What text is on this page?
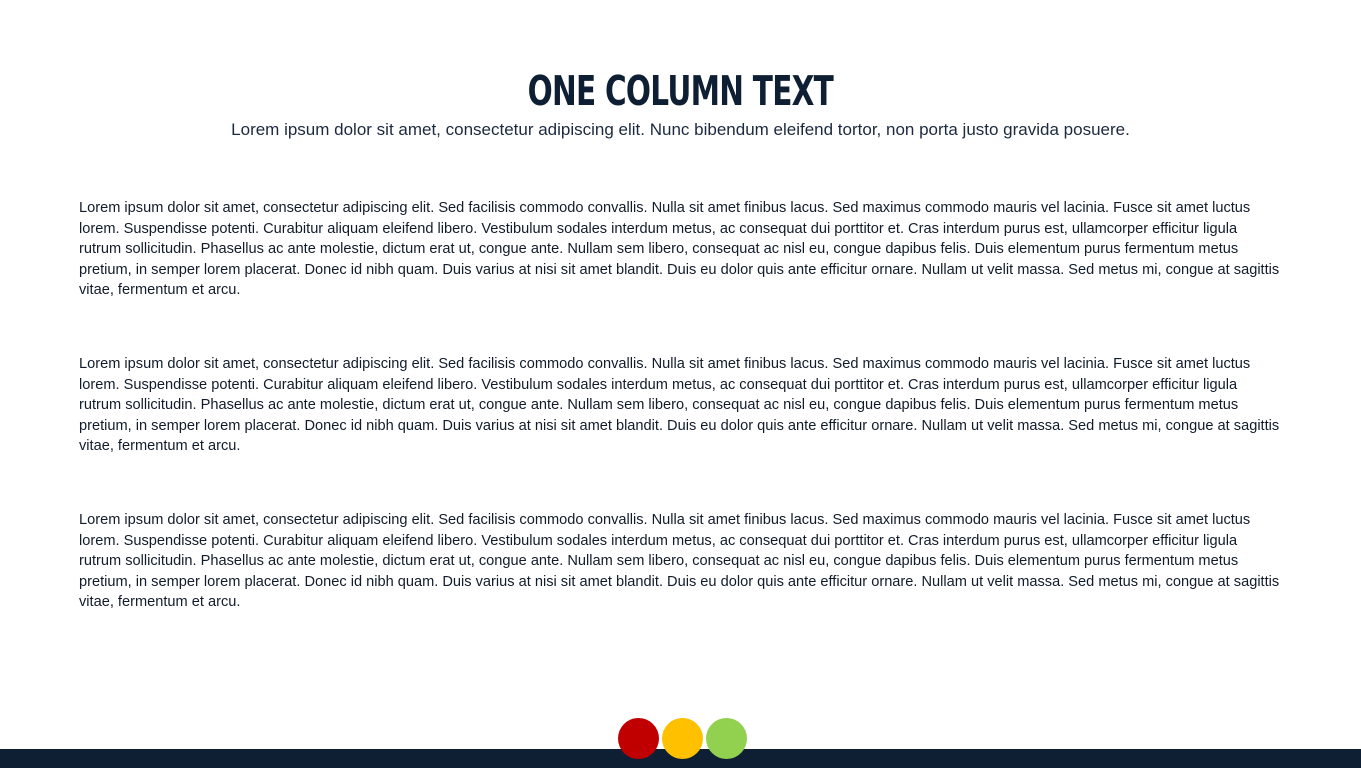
ONE COLUMN TEXT

Lorem ipsum dolor sit amet, consectetur adipiscing elit. Nunc bibendum eleifend tortor, non porta justo gravida posuere.

Lorem ipsum dolor sit amet, consectetur adipiscing elit. Sed facilisis commodo convallis. Nulla sit amet finibus lacus. Sed maximus commodo mauris vel lacinia. Fusce sit amet luctus lorem. Suspendisse potenti. Curabitur aliquam eleifend libero. Vestibulum sodales interdum metus, ac consequat dui porttitor et. Cras interdum purus est, ullamcorper efficitur ligula rutrum sollicitudin. Phasellus ac ante molestie, dictum erat ut, congue ante. Nullam sem libero, consequat ac nisl eu, congue dapibus felis. Duis elementum purus fermentum metus pretium, in semper lorem placerat. Donec id nibh quam. Duis varius at nisi sit amet blandit. Duis eu dolor quis ante efficitur ornare. Nullam ut velit massa. Sed metus mi, congue at sagittis vitae, fermentum et arcu.

Lorem ipsum dolor sit amet, consectetur adipiscing elit. Sed facilisis commodo convallis. Nulla sit amet finibus lacus. Sed maximus commodo mauris vel lacinia. Fusce sit amet luctus lorem. Suspendisse potenti. Curabitur aliquam eleifend libero. Vestibulum sodales interdum metus, ac consequat dui porttitor et. Cras interdum purus est, ullamcorper efficitur ligula rutrum sollicitudin. Phasellus ac ante molestie, dictum erat ut, congue ante. Nullam sem libero, consequat ac nisl eu, congue dapibus felis. Duis elementum purus fermentum metus pretium, in semper lorem placerat. Donec id nibh quam. Duis varius at nisi sit amet blandit. Duis eu dolor quis ante efficitur ornare. Nullam ut velit massa. Sed metus mi, congue at sagittis vitae, fermentum et arcu.

Lorem ipsum dolor sit amet, consectetur adipiscing elit. Sed facilisis commodo convallis. Nulla sit amet finibus lacus. Sed maximus commodo mauris vel lacinia. Fusce sit amet luctus lorem. Suspendisse potenti. Curabitur aliquam eleifend libero. Vestibulum sodales interdum metus, ac consequat dui porttitor et. Cras interdum purus est, ullamcorper efficitur ligula rutrum sollicitudin. Phasellus ac ante molestie, dictum erat ut, congue ante. Nullam sem libero, consequat ac nisl eu, congue dapibus felis. Duis elementum purus fermentum metus pretium, in semper lorem placerat. Donec id nibh quam. Duis varius at nisi sit amet blandit. Duis eu dolor quis ante efficitur ornare. Nullam ut velit massa. Sed metus mi, congue at sagittis vitae, fermentum et arcu.
